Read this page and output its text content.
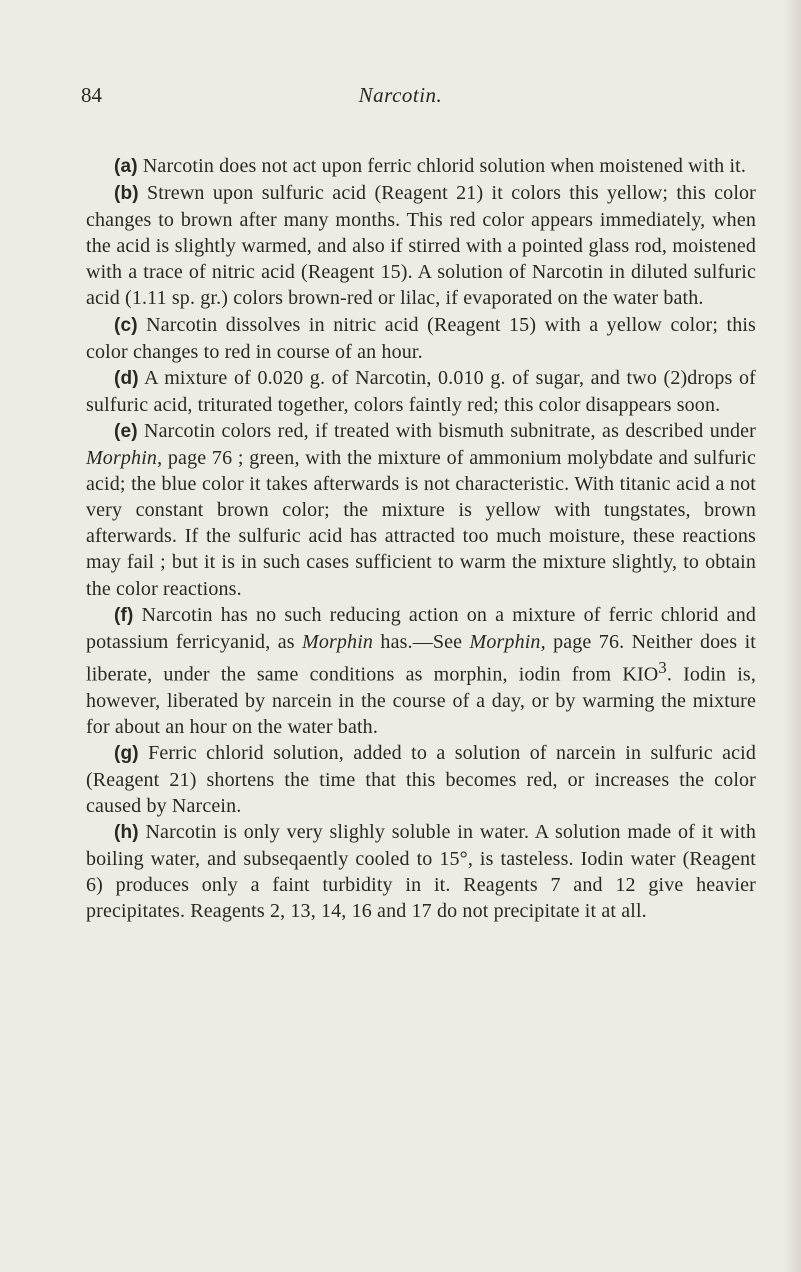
84	Narcotin.

(a) Narcotin does not act upon ferric chlorid solution when moistened with it.

(b) Strewn upon sulfuric acid (Reagent 21) it colors this yellow; this color changes to brown after many months. This red color appears immediately, when the acid is slightly warmed, and also if stirred with a pointed glass rod, moistened with a trace of nitric acid (Reagent 15). A solution of Narcotin in diluted sulfuric acid (1.11 sp. gr.) colors brown-red or lilac, if evaporated on the water bath.

(c) Narcotin dissolves in nitric acid (Reagent 15) with a yellow color; this color changes to red in course of an hour.

(d) A mixture of 0.020 g. of Narcotin, 0.010 g. of sugar, and two (2)drops of sulfuric acid, triturated together, colors faintly red; this color disappears soon.

(e) Narcotin colors red, if treated with bismuth subnitrate, as described under Morphin, page 76 ; green, with the mixture of ammonium molybdate and sulfuric acid; the blue color it takes afterwards is not characteristic. With titanic acid a not very constant brown color; the mixture is yellow with tungstates, brown afterwards. If the sulfuric acid has attracted too much moisture, these reactions may fail ; but it is in such cases sufficient to warm the mixture slightly, to obtain the color reactions.

(f) Narcotin has no such reducing action on a mixture of ferric chlorid and potassium ferricyanid, as Morphin has.—See Morphin, page 76. Neither does it liberate, under the same conditions as morphin, iodin from KIO$^3$. Iodin is, however, liberated by narcein in the course of a day, or by warming the mixture for about an hour on the water bath.

(g) Ferric chlorid solution, added to a solution of narcein in sulfuric acid (Reagent 21) shortens the time that this becomes red, or increases the color caused by Narcein.

(h) Narcotin is only very slighly soluble in water. A solution made of it with boiling water, and subseqaently cooled to 15°, is tasteless. Iodin water (Reagent 6) produces only a faint turbidity in it. Reagents 7 and 12 give heavier precipitates. Reagents 2, 13, 14, 16 and 17 do not precipitate it at all.
